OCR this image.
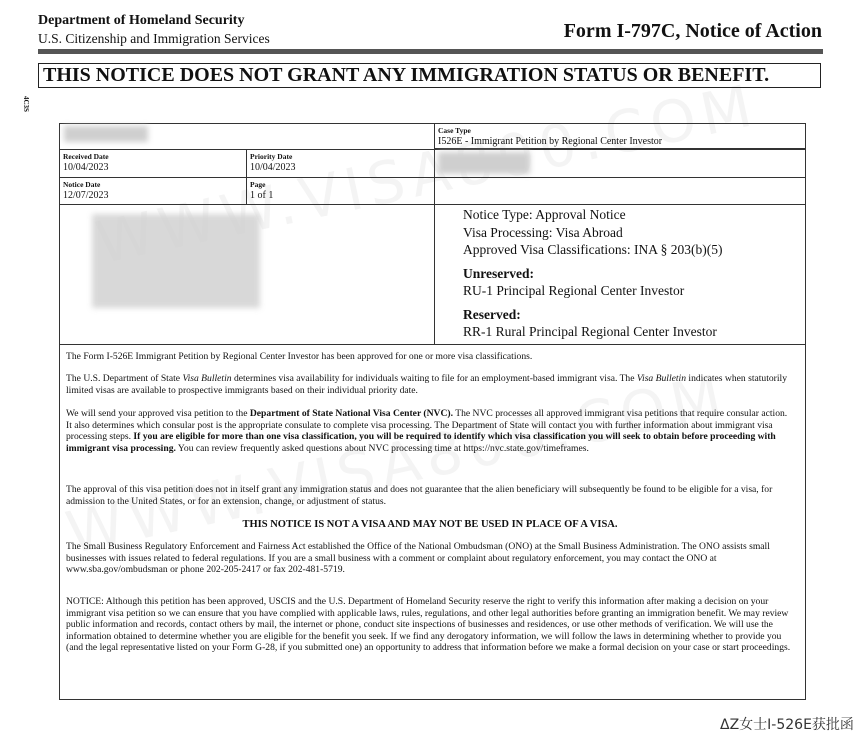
Department of Homeland Security
U.S. Citizenship and Immigration Services	Form I-797C, Notice of Action
THIS NOTICE DOES NOT GRANT ANY IMMIGRATION STATUS OR BENEFIT.
4C3S
Case Type
I526E - Immigrant Petition by Regional Center Investor
Received Date
10/04/2023
Priority Date
10/04/2023
Notice Date
12/07/2023
Page
1 of 1
Notice Type: Approval Notice
Visa Processing: Visa Abroad
Approved Visa Classifications: INA § 203(b)(5)
Unreserved:
RU-1 Principal Regional Center Investor
Reserved:
RR-1 Rural Principal Regional Center Investor
The Form I-526E Immigrant Petition by Regional Center Investor has been approved for one or more visa classifications.
The U.S. Department of State Visa Bulletin determines visa availability for individuals waiting to file for an employment-based immigrant visa. The Visa Bulletin indicates when statutorily limited visas are available to prospective immigrants based on their individual priority date.
We will send your approved visa petition to the Department of State National Visa Center (NVC). The NVC processes all approved immigrant visa petitions that require consular action. It also determines which consular post is the appropriate consulate to complete visa processing. The Department of State will contact you with further information about immigrant visa processing steps. If you are eligible for more than one visa classification, you will be required to identify which visa classification you will seek to obtain before proceeding with immigrant visa processing. You can review frequently asked questions about NVC processing time at https://nvc.state.gov/timeframes.
The approval of this visa petition does not in itself grant any immigration status and does not guarantee that the alien beneficiary will subsequently be found to be eligible for a visa, for admission to the United States, or for an extension, change, or adjustment of status.
THIS NOTICE IS NOT A VISA AND MAY NOT BE USED IN PLACE OF A VISA.
The Small Business Regulatory Enforcement and Fairness Act established the Office of the National Ombudsman (ONO) at the Small Business Administration. The ONO assists small businesses with issues related to federal regulations. If you are a small business with a comment or complaint about regulatory enforcement, you may contact the ONO at www.sba.gov/ombudsman or phone 202-205-2417 or fax 202-481-5719.
NOTICE: Although this petition has been approved, USCIS and the U.S. Department of Homeland Security reserve the right to verify this information after making a decision on your immigrant visa petition so we can ensure that you have complied with applicable laws, rules, regulations, and other legal authorities before granting an immigration benefit. We may review public information and records, contact others by mail, the internet or phone, conduct site inspections of businesses and residences, or use other methods of verification. We will use the information obtained to determine whether you are eligible for the benefit you seek. If we find any derogatory information, we will follow the laws in determining whether to provide you (and the legal representative listed on your Form G-28, if you submitted one) an opportunity to address that information before we make a formal decision on your case or start proceedings.
ΔZ女士I-526E获批函
